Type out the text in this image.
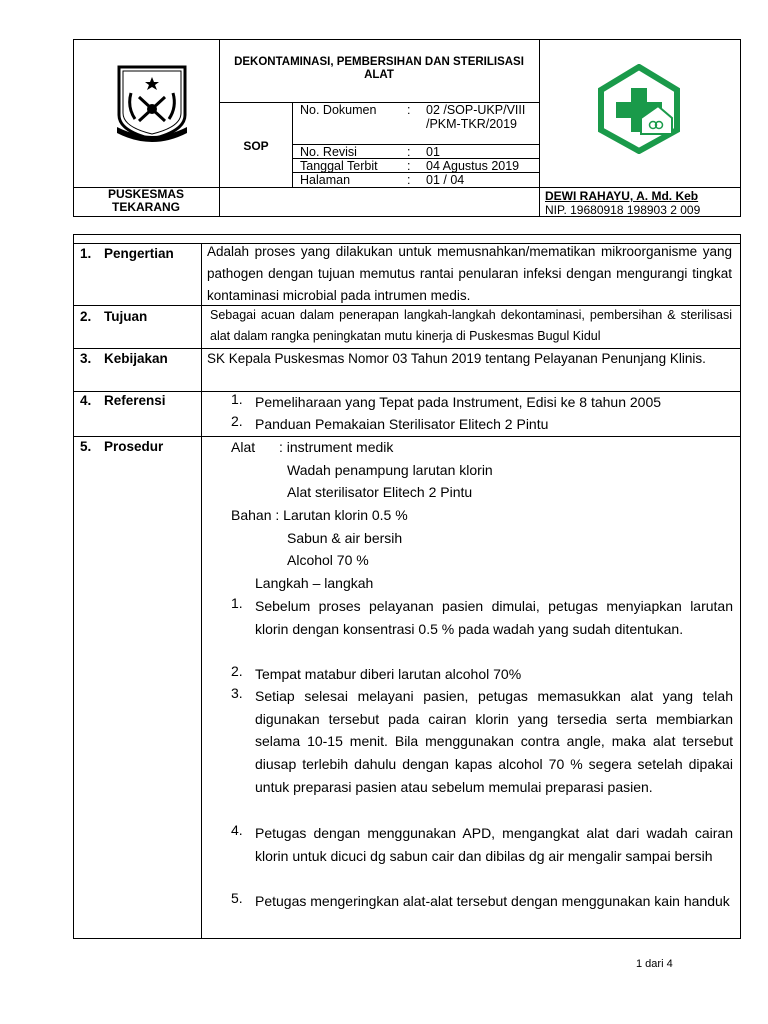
DEKONTAMINASI, PEMBERSIHAN DAN STERILISASI ALAT
SOP
No. Dokumen : 02 /SOP-UKP/VIII /PKM-TKR/2019
No. Revisi	: 01
Tanggal Terbit : 04 Agustus 2019
Halaman	: 01 / 04
PUSKESMAS
TEKARANG
DEWI RAHAYU, A. Md. Keb
NIP. 19680918 198903 2 009
1. Pengertian Adalah proses yang dilakukan untuk memusnahkan/mematikan mikroorganisme yang pathogen dengan tujuan memutus rantai penularan infeksi dengan mengurangi tingkat kontaminasi microbial pada intrumen medis.
2. Tujuan	Sebagai acuan dalam penerapan langkah-langkah dekontaminasi, pembersihan & sterilisasi alat dalam rangka peningkatan mutu kinerja di Puskesmas Bugul Kidul
3. Kebijakan	SK Kepala Puskesmas Nomor 03 Tahun 2019 tentang Pelayanan Penunjang Klinis.
4. Referensi	1. Pemeliharaan yang Tepat pada Instrument, Edisi ke 8 tahun 2005
2. Panduan Pemakaian Sterilisator Elitech 2 Pintu
5. Prosedur	Alat : instrument medik
Wadah penampung larutan klorin
Alat sterilisator Elitech 2 Pintu
Bahan : Larutan klorin 0.5 %
Sabun & air bersih
Alcohol 70 %
Langkah – langkah
1. Sebelum proses pelayanan pasien dimulai, petugas menyiapkan larutan klorin dengan konsentrasi 0.5 % pada wadah yang sudah ditentukan.
2. Tempat matabur diberi larutan alcohol 70%
3. Setiap selesai melayani pasien, petugas memasukkan alat yang telah digunakan tersebut pada cairan klorin yang tersedia serta membiarkan selama 10-15 menit. Bila menggunakan contra angle, maka alat tersebut diusap terlebih dahulu dengan kapas alcohol 70 % segera setelah dipakai untuk preparasi pasien atau sebelum memulai preparasi pasien.
4. Petugas dengan menggunakan APD, mengangkat alat dari wadah cairan klorin untuk dicuci dg sabun cair dan dibilas dg air mengalir sampai bersih
5. Petugas mengeringkan alat-alat tersebut dengan menggunakan kain handuk
1 dari 4
